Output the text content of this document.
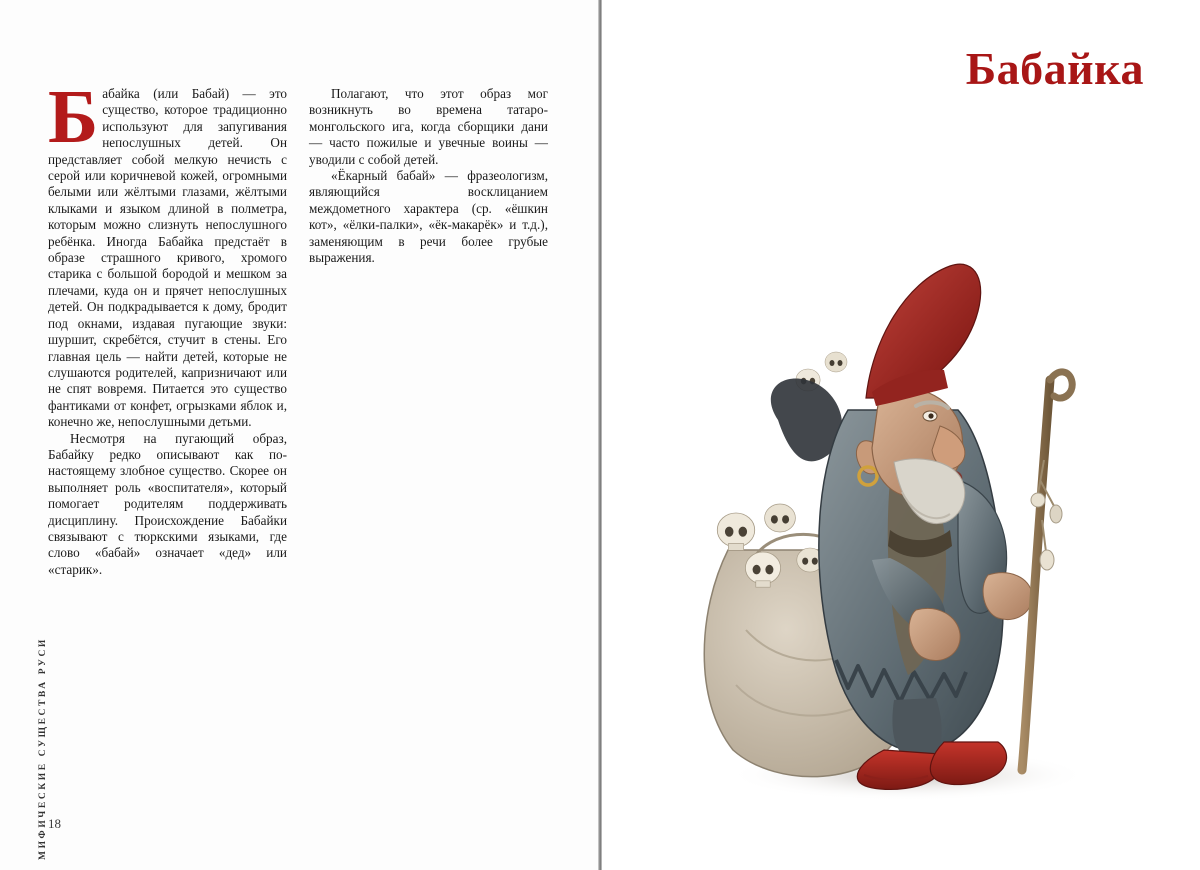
МИФИЧЕСКИЕ СУЩЕСТВА РУСИ

Бабайка (или Бабай) — это существо, которое традиционно используют для запугивания непослушных детей. Он представляет собой мелкую нечисть с серой или коричневой кожей, огромными белыми или жёлтыми глазами, жёлтыми клыками и языком длиной в полметра, которым можно слизнуть непослушного ребёнка. Иногда Бабайка предстаёт в образе страшного кривого, хромого старика с большой бородой и мешком за плечами, куда он и прячет непослушных детей. Он подкрадывается к дому, бродит под окнами, издавая пугающие звуки: шуршит, скребётся, стучит в стены. Его главная цель — найти детей, которые не слушаются родителей, капризничают или не спят вовремя. Питается это существо фантиками от конфет, огрызками яблок и, конечно же, непослушными детьми.

Несмотря на пугающий образ, Бабайку редко описывают как по-настоящему злобное существо. Скорее он выполняет роль «воспитателя», который помогает родителям поддерживать дисциплину. Происхождение Бабайки связывают с тюркскими языками, где слово «бабай» означает «дед» или «старик».

Полагают, что этот образ мог возникнуть во времена татаро-монгольского ига, когда сборщики дани — часто пожилые и увечные воины — уводили с собой детей.

«Ёкарный бабай» — фразеологизм, являющийся восклицанием междометного характера (ср. «ёшкин кот», «ёлки-палки», «ёк-макарёк» и т.д.), заменяющим в речи более грубые выражения.

18
Бабайка
